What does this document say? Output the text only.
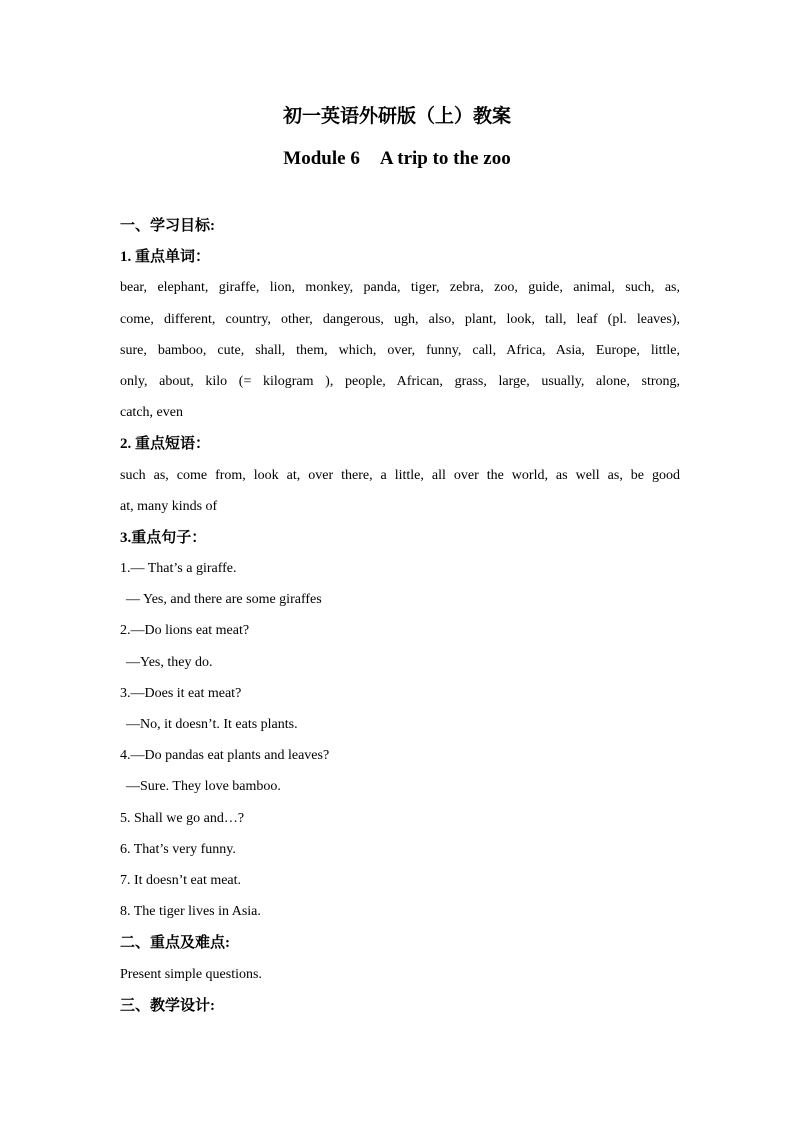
初一英语外研版（上）教案
Module 6 A trip to the zoo
一、学习目标:
1. 重点单词：
bear, elephant, giraffe, lion, monkey, panda, tiger, zebra, zoo, guide, animal, such, as,
come, different, country, other, dangerous, ugh, also, plant, look, tall, leaf (pl. leaves),
sure, bamboo, cute, shall, them, which, over, funny, call, Africa, Asia, Europe, little,
only, about, kilo (= kilogram ), people, African, grass, large, usually, alone, strong,
catch, even
2. 重点短语：
such as, come from, look at, over there, a little, all over the world, as well as, be good
at, many kinds of
3.重点句子：
1.— That’s a giraffe.
— Yes, and there are some giraffes
2.—Do lions eat meat?
—Yes, they do.
3.—Does it eat meat?
—No, it doesn’t. It eats plants.
4.—Do pandas eat plants and leaves?
—Sure. They love bamboo.
5. Shall we go and…?
6. That’s very funny.
7. It doesn’t eat meat.
8. The tiger lives in Asia.
二、重点及难点:
Present simple questions.
三、教学设计:
